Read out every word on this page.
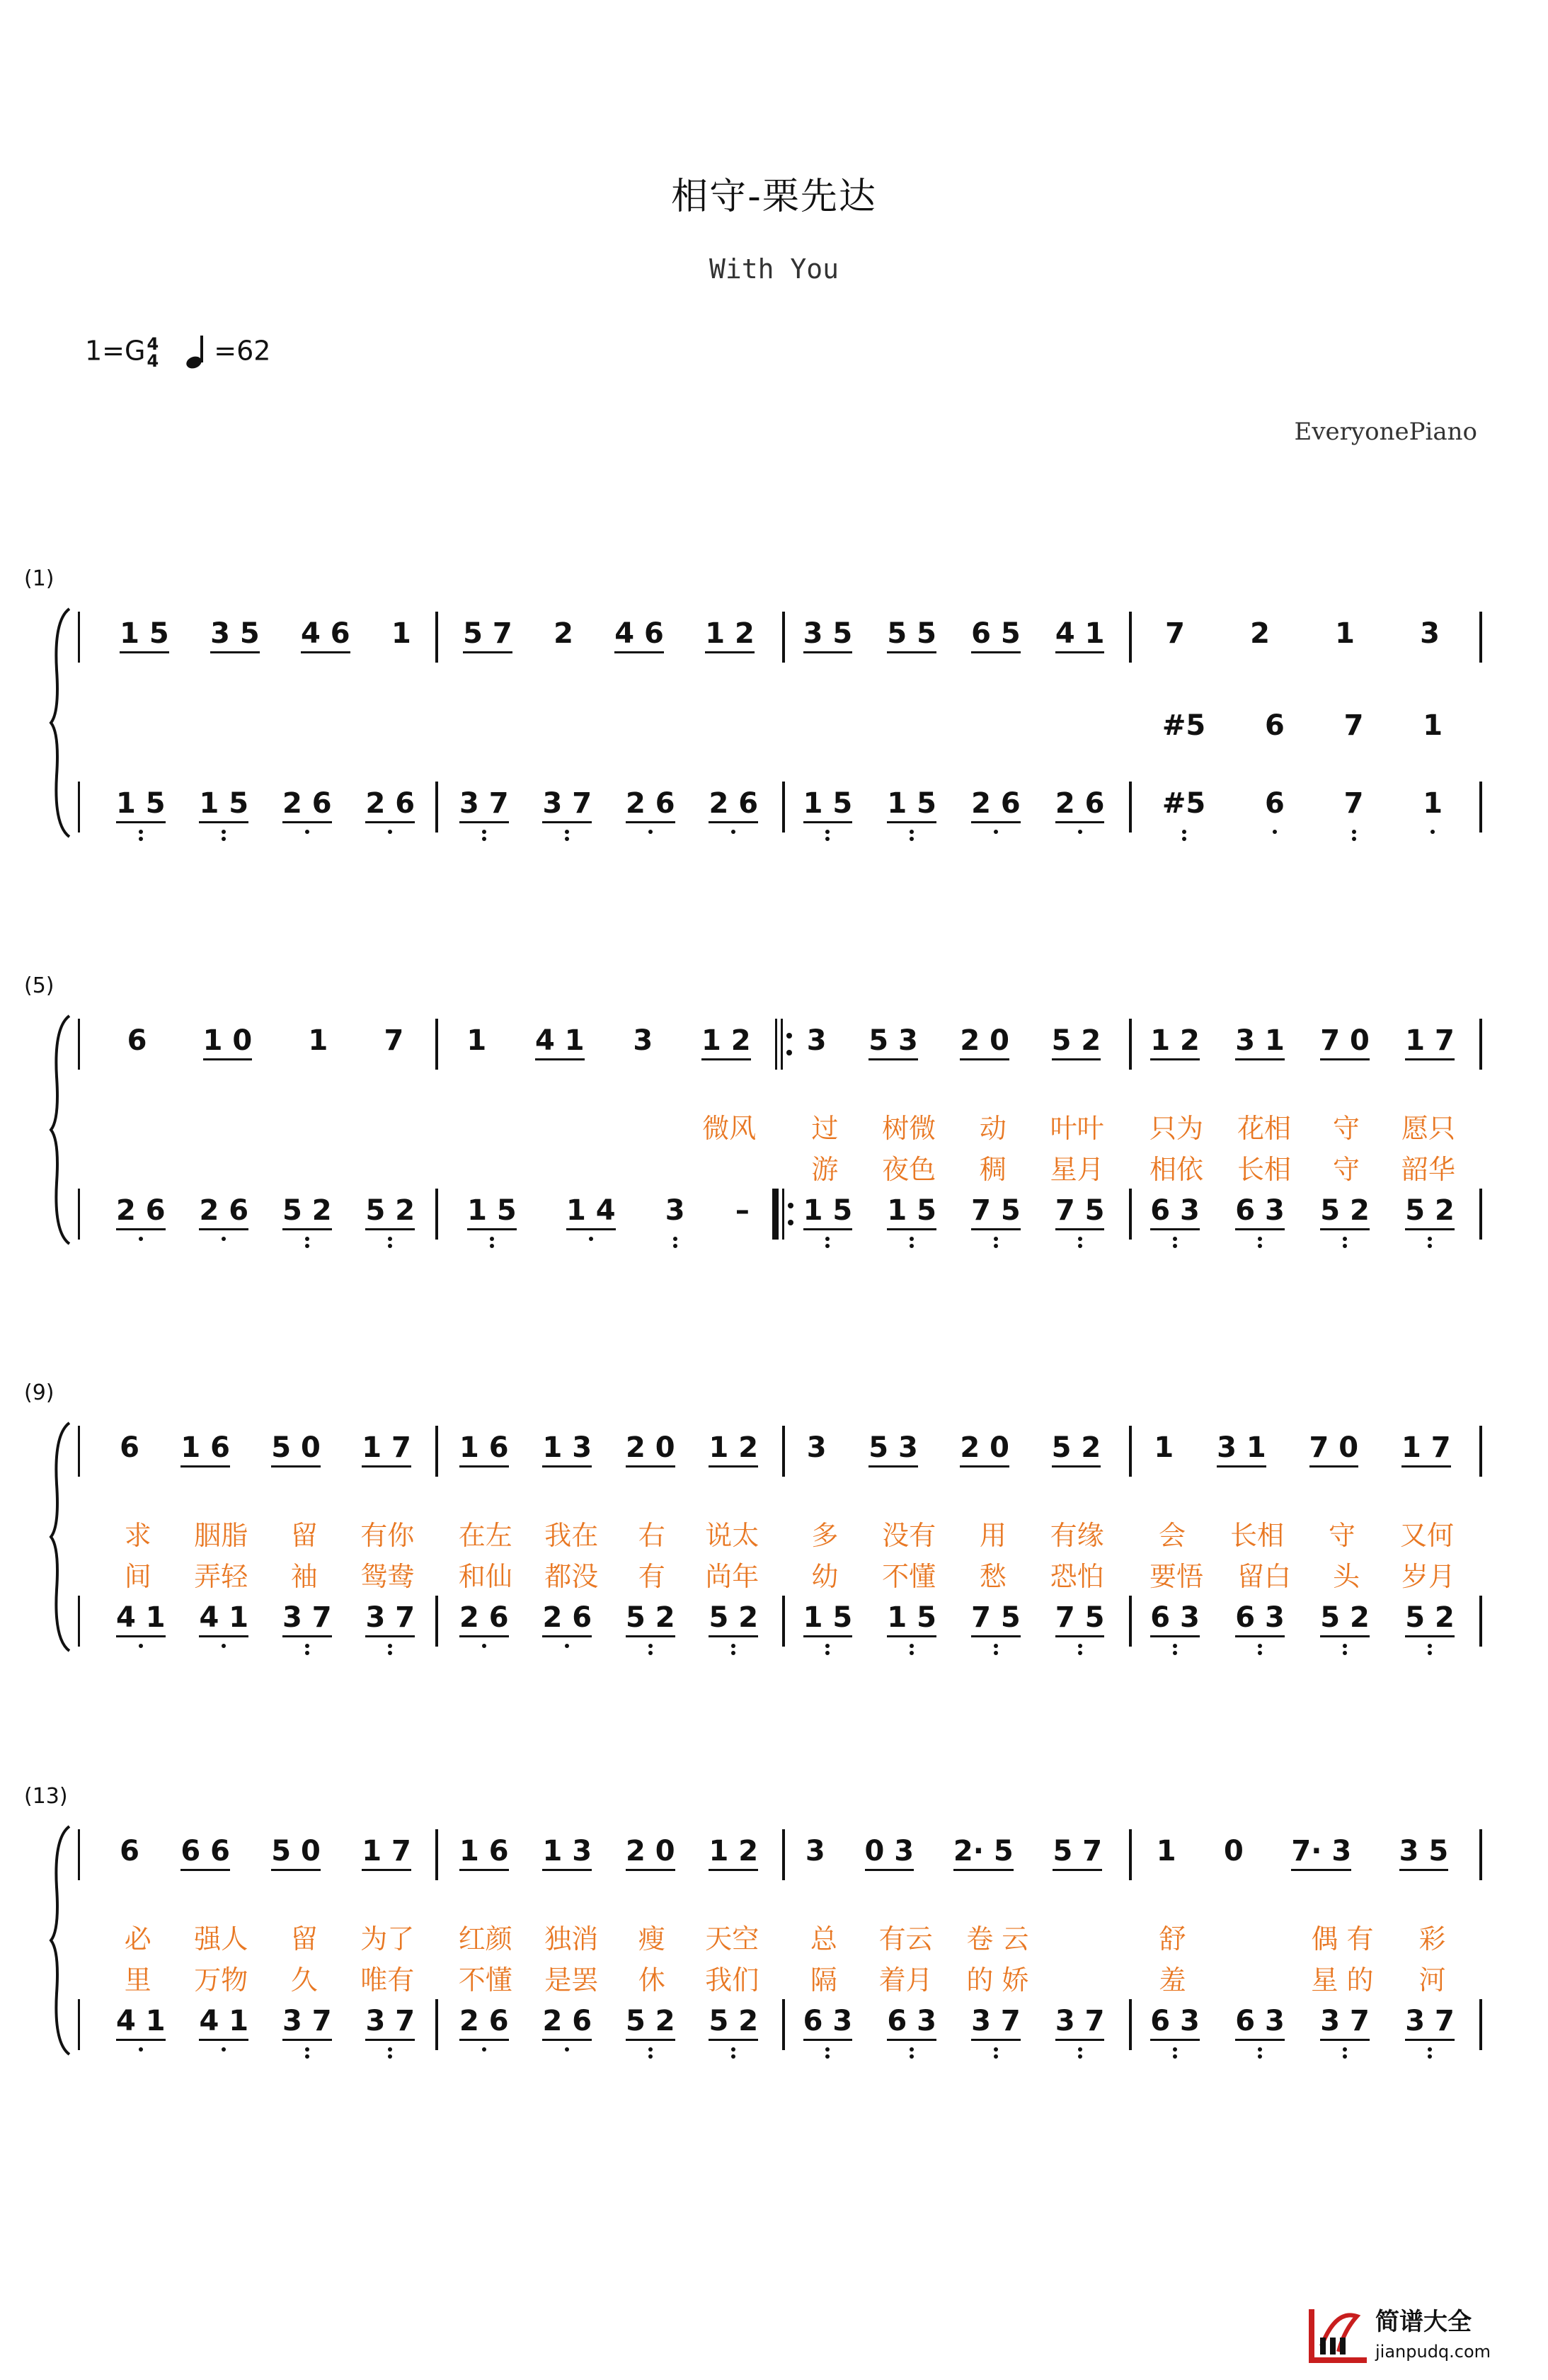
相守-栗先达
With You
1=G 4
4 =62
EveryonePiano
(1)
1 5 3 5 4 6 1 5 7 2 4 6 1 2 3 5 5 5 6 5 4 1 7 2 1 3
1 5 1 5 2 6 2 6 3 7 3 7 2 6 2 6 1 5 1 5 2 6 2 6 #5 6 7 1
#5 6 7 1
(5)
6 1 0 1 7 1 4 1 3 1 2 3 5 3 2 0 5 2 1 2 3 1 7 0 1 7
2 6 2 6 5 2 5 2 1 5 1 4 3 – 1 5 1 5 7 5 7 5 6 3 6 3 5 2 5 2
微风 过 树微 动 叶叶 只为 花相 守 愿只
游 夜色 稠 星月 相依 长相 守 韶华
(9)
6 1 6 5 0 1 7 1 6 1 3 2 0 1 2 3 5 3 2 0 5 2 1 3 1 7 0 1 7
4 1 4 1 3 7 3 7 2 6 2 6 5 2 5 2 1 5 1 5 7 5 7 5 6 3 6 3 5 2 5 2
求 胭脂 留 有你 在左 我在 右 说太 多 没有 用 有缘 会 长相 守 又何
间 弄轻 袖 鸳鸯 和仙 都没 有 尚年 幼 不懂 愁 恐怕 要悟 留白 头 岁月
(13)
6 6 6 5 0 1 7 1 6 1 3 2 0 1 2 3 0 3 2· 5 5 7 1 0 7· 3 3 5
4 1 4 1 3 7 3 7 2 6 2 6 5 2 5 2 6 3 6 3 3 7 3 7 6 3 6 3 3 7 3 7
必 强人 留 为了 红颜 独消 瘦 天空 总 有云 卷 云	舒	偶 有 彩
里 万物 久 唯有 不懂 是罢 休 我们 隔 着月 的 娇	羞	星 的 河
简谱大全
jianpudq.com
